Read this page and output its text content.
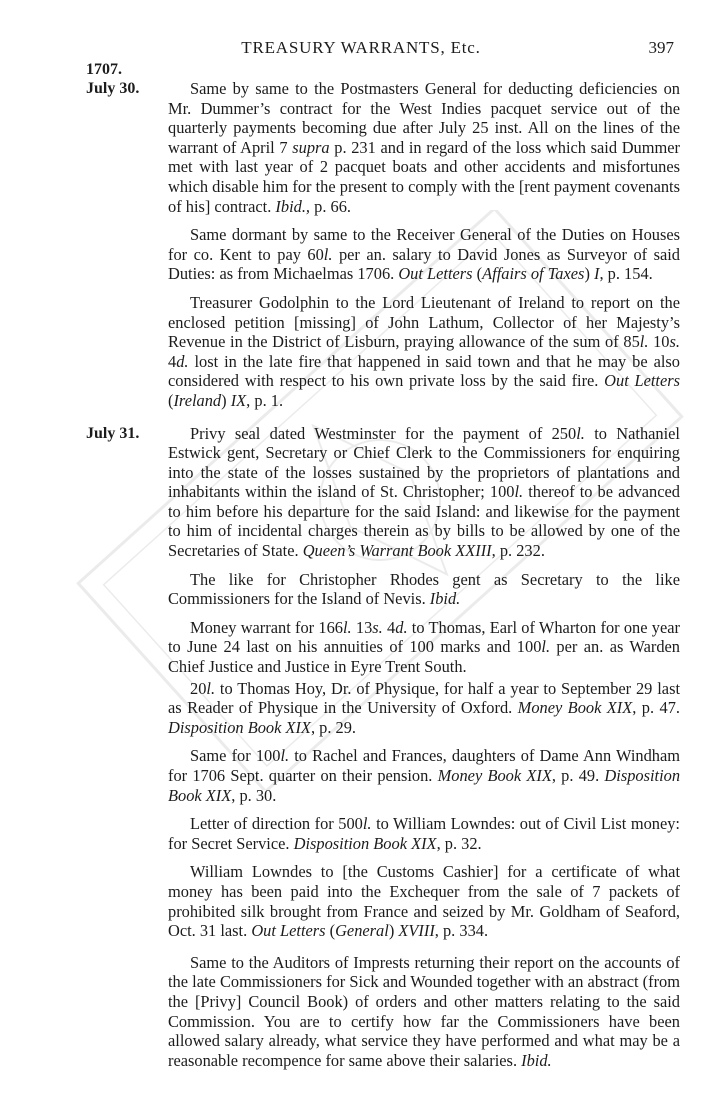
TREASURY WARRANTS, Etc.	397
1707.

July 30.	Same by same to the Postmasters General for deducting deficiencies on Mr. Dummer’s contract for the West Indies pacquet service out of the quarterly payments becoming due after July 25 inst. All on the lines of the warrant of April 7 supra p. 231 and in regard of the loss which said Dummer met with last year of 2 pacquet boats and other accidents and misfortunes which disable him for the present to comply with the [rent payment covenants of his] contract. Ibid., p. 66.

Same dormant by same to the Receiver General of the Duties on Houses for co. Kent to pay 60l. per an. salary to David Jones as Surveyor of said Duties: as from Michaelmas 1706. Out Letters (Affairs of Taxes) I, p. 154.

Treasurer Godolphin to the Lord Lieutenant of Ireland to report on the enclosed petition [missing] of John Lathum, Collector of her Majesty’s Revenue in the District of Lisburn, praying allowance of the sum of 85l. 10s. 4d. lost in the late fire that happened in said town and that he may be also considered with respect to his own private loss by the said fire. Out Letters (Ireland) IX, p. 1.

July 31.	Privy seal dated Westminster for the payment of 250l. to Nathaniel Estwick gent, Secretary or Chief Clerk to the Commissioners for enquiring into the state of the losses sustained by the proprietors of plantations and inhabitants within the island of St. Christopher; 100l. thereof to be advanced to him before his departure for the said Island: and likewise for the payment to him of incidental charges therein as by bills to be allowed by one of the Secretaries of State. Queen’s Warrant Book XXIII, p. 232.

The like for Christopher Rhodes gent as Secretary to the like Commissioners for the Island of Nevis. Ibid.

Money warrant for 166l. 13s. 4d. to Thomas, Earl of Wharton for one year to June 24 last on his annuities of 100 marks and 100l. per an. as Warden Chief Justice and Justice in Eyre Trent South.

20l. to Thomas Hoy, Dr. of Physique, for half a year to September 29 last as Reader of Physique in the University of Oxford. Money Book XIX, p. 47. Disposition Book XIX, p. 29.

Same for 100l. to Rachel and Frances, daughters of Dame Ann Windham for 1706 Sept. quarter on their pension. Money Book XIX, p. 49. Disposition Book XIX, p. 30.

Letter of direction for 500l. to William Lowndes: out of Civil List money: for Secret Service. Disposition Book XIX, p. 32.

William Lowndes to [the Customs Cashier] for a certificate of what money has been paid into the Exchequer from the sale of 7 packets of prohibited silk brought from France and seized by Mr. Goldham of Seaford, Oct. 31 last. Out Letters (General) XVIII, p. 334.

Same to the Auditors of Imprests returning their report on the accounts of the late Commissioners for Sick and Wounded together with an abstract (from the [Privy] Council Book) of orders and other matters relating to the said Commission. You are to certify how far the Commissioners have been allowed salary already, what service they have performed and what may be a reasonable recompence for same above their salaries. Ibid.
